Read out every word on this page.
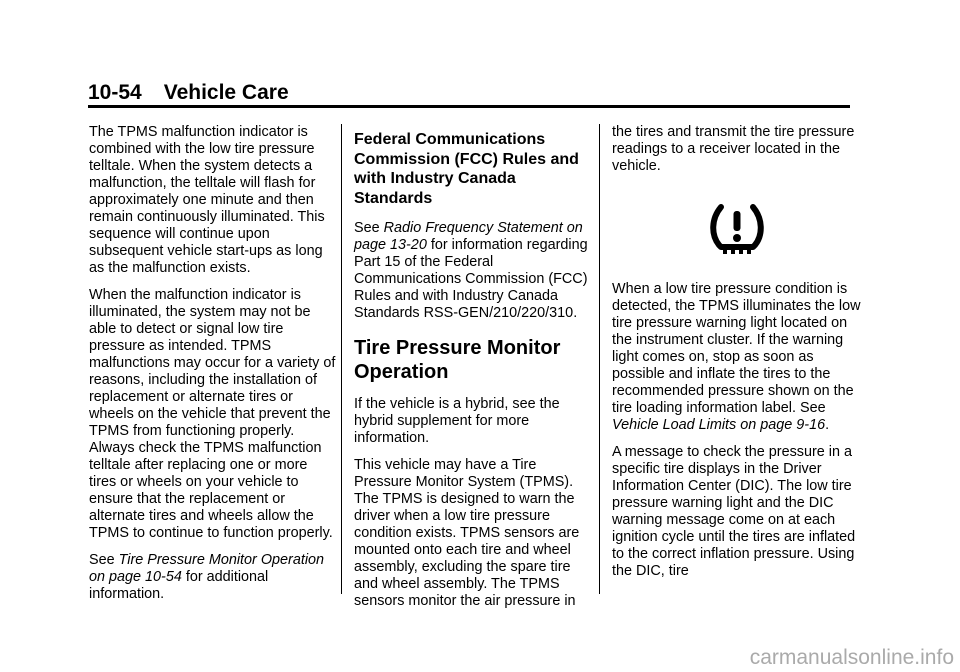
10-54 Vehicle Care

The TPMS malfunction indicator is combined with the low tire pressure telltale. When the system detects a malfunction, the telltale will flash for approximately one minute and then remain continuously illuminated. This sequence will continue upon subsequent vehicle start-ups as long as the malfunction exists.

When the malfunction indicator is illuminated, the system may not be able to detect or signal low tire pressure as intended. TPMS malfunctions may occur for a variety of reasons, including the installation of replacement or alternate tires or wheels on the vehicle that prevent the TPMS from functioning properly. Always check the TPMS malfunction telltale after replacing one or more tires or wheels on your vehicle to ensure that the replacement or alternate tires and wheels allow the TPMS to continue to function properly.

See Tire Pressure Monitor Operation on page 10-54 for additional information.

Federal Communications Commission (FCC) Rules and with Industry Canada Standards

See Radio Frequency Statement on page 13-20 for information regarding Part 15 of the Federal Communications Commission (FCC) Rules and with Industry Canada Standards RSS-GEN/210/220/310.

Tire Pressure Monitor Operation

If the vehicle is a hybrid, see the hybrid supplement for more information.

This vehicle may have a Tire Pressure Monitor System (TPMS). The TPMS is designed to warn the driver when a low tire pressure condition exists. TPMS sensors are mounted onto each tire and wheel assembly, excluding the spare tire and wheel assembly. The TPMS sensors monitor the air pressure in

the tires and transmit the tire pressure readings to a receiver located in the vehicle.

When a low tire pressure condition is detected, the TPMS illuminates the low tire pressure warning light located on the instrument cluster. If the warning light comes on, stop as soon as possible and inflate the tires to the recommended pressure shown on the tire loading information label. See Vehicle Load Limits on page 9-16.

A message to check the pressure in a specific tire displays in the Driver Information Center (DIC). The low tire pressure warning light and the DIC warning message come on at each ignition cycle until the tires are inflated to the correct inflation pressure. Using the DIC, tire

carmanualsonline.info
